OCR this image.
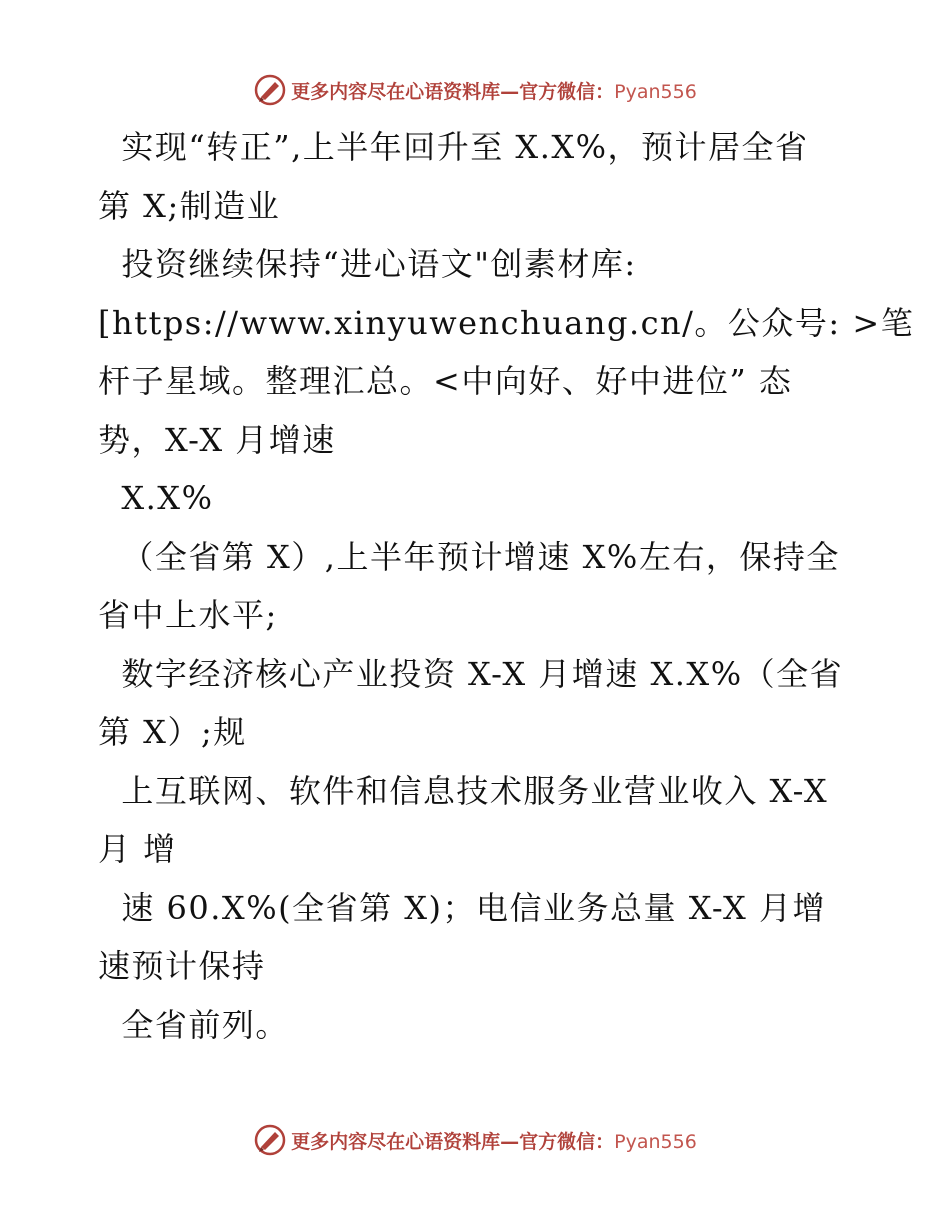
更多内容尽在心语资料库—官方微信：Pyan556
实现“转正”,上半年回升至 X.X%，预计居全省
第 X;制造业
投资继续保持“进心语文"创素材库:
[https://www.xinyuwenchuang.cn/。公众号: >笔
杆子星域。整理汇总。<中向好、好中进位” 态
势，X-X 月增速
X.X%
（全省第 X）,上半年预计增速 X%左右，保持全
省中上水平;
数字经济核心产业投资 X-X 月增速 X.X%（全省
第 X）;规
上互联网、软件和信息技术服务业营业收入 X-X
月 增
速 60.X%(全省第 X)；电信业务总量 X-X 月增
速预计保持
全省前列。
更多内容尽在心语资料库—官方微信：Pyan556
